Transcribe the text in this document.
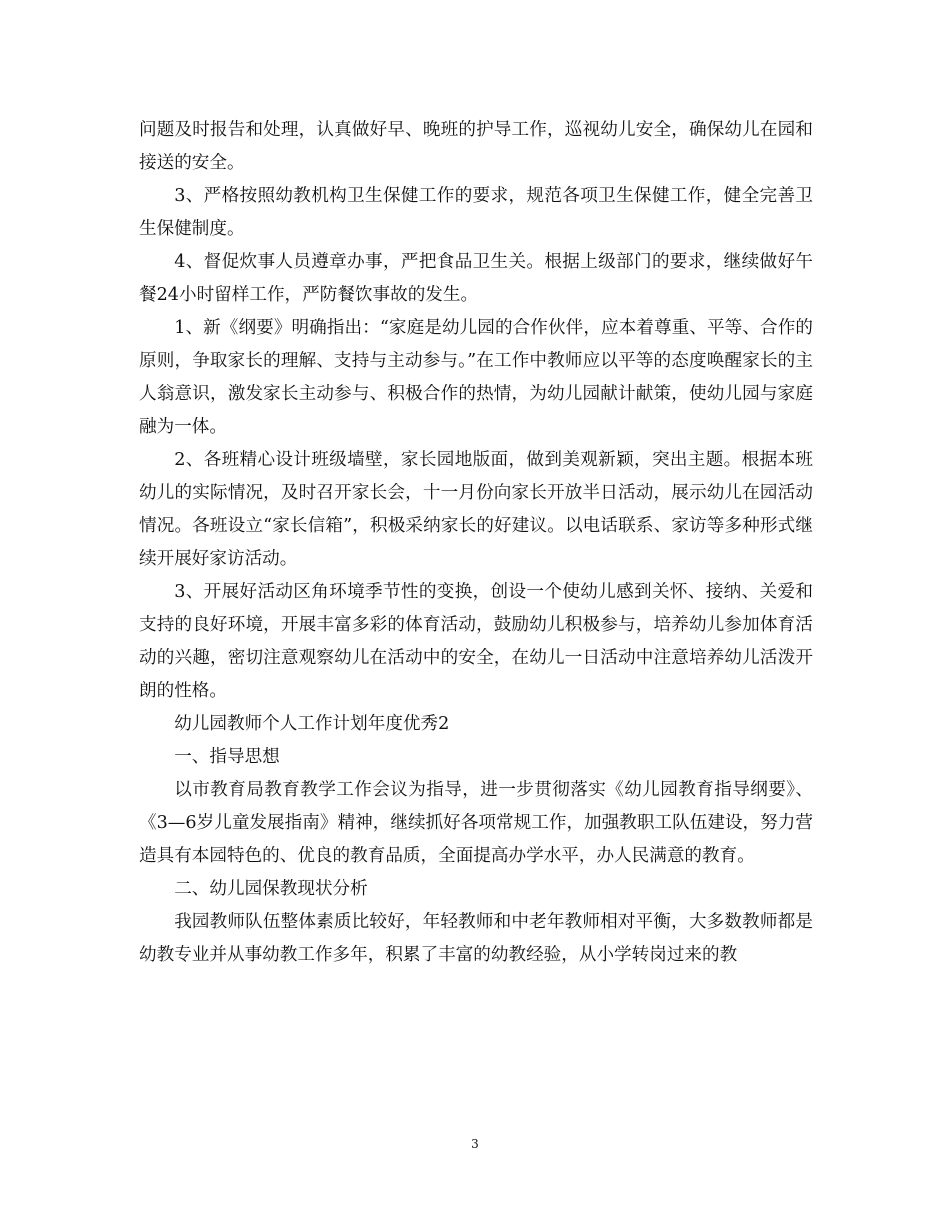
问题及时报告和处理，认真做好早、晚班的护导工作，巡视幼儿安全，确保幼儿在园和接送的安全。

3、严格按照幼教机构卫生保健工作的要求，规范各项卫生保健工作，健全完善卫生保健制度。

4、督促炊事人员遵章办事，严把食品卫生关。根据上级部门的要求，继续做好午餐24小时留样工作，严防餐饮事故的发生。

1、新《纲要》明确指出：“家庭是幼儿园的合作伙伴，应本着尊重、平等、合作的原则，争取家长的理解、支持与主动参与。”在工作中教师应以平等的态度唤醒家长的主人翁意识，激发家长主动参与、积极合作的热情，为幼儿园献计献策，使幼儿园与家庭融为一体。

2、各班精心设计班级墙壁，家长园地版面，做到美观新颖，突出主题。根据本班幼儿的实际情况，及时召开家长会，十一月份向家长开放半日活动，展示幼儿在园活动情况。各班设立“家长信箱”，积极采纳家长的好建议。以电话联系、家访等多种形式继续开展好家访活动。

3、开展好活动区角环境季节性的变换，创设一个使幼儿感到关怀、接纳、关爱和支持的良好环境，开展丰富多彩的体育活动，鼓励幼儿积极参与，培养幼儿参加体育活动的兴趣，密切注意观察幼儿在活动中的安全，在幼儿一日活动中注意培养幼儿活泼开朗的性格。

幼儿园教师个人工作计划年度优秀2

一、指导思想

以市教育局教育教学工作会议为指导，进一步贯彻落实《幼儿园教育指导纲要》、《3—6岁儿童发展指南》精神，继续抓好各项常规工作，加强教职工队伍建设，努力营造具有本园特色的、优良的教育品质，全面提高办学水平，办人民满意的教育。

二、幼儿园保教现状分析

我园教师队伍整体素质比较好，年轻教师和中老年教师相对平衡，大多数教师都是幼教专业并从事幼教工作多年，积累了丰富的幼教经验，从小学转岗过来的教

3
